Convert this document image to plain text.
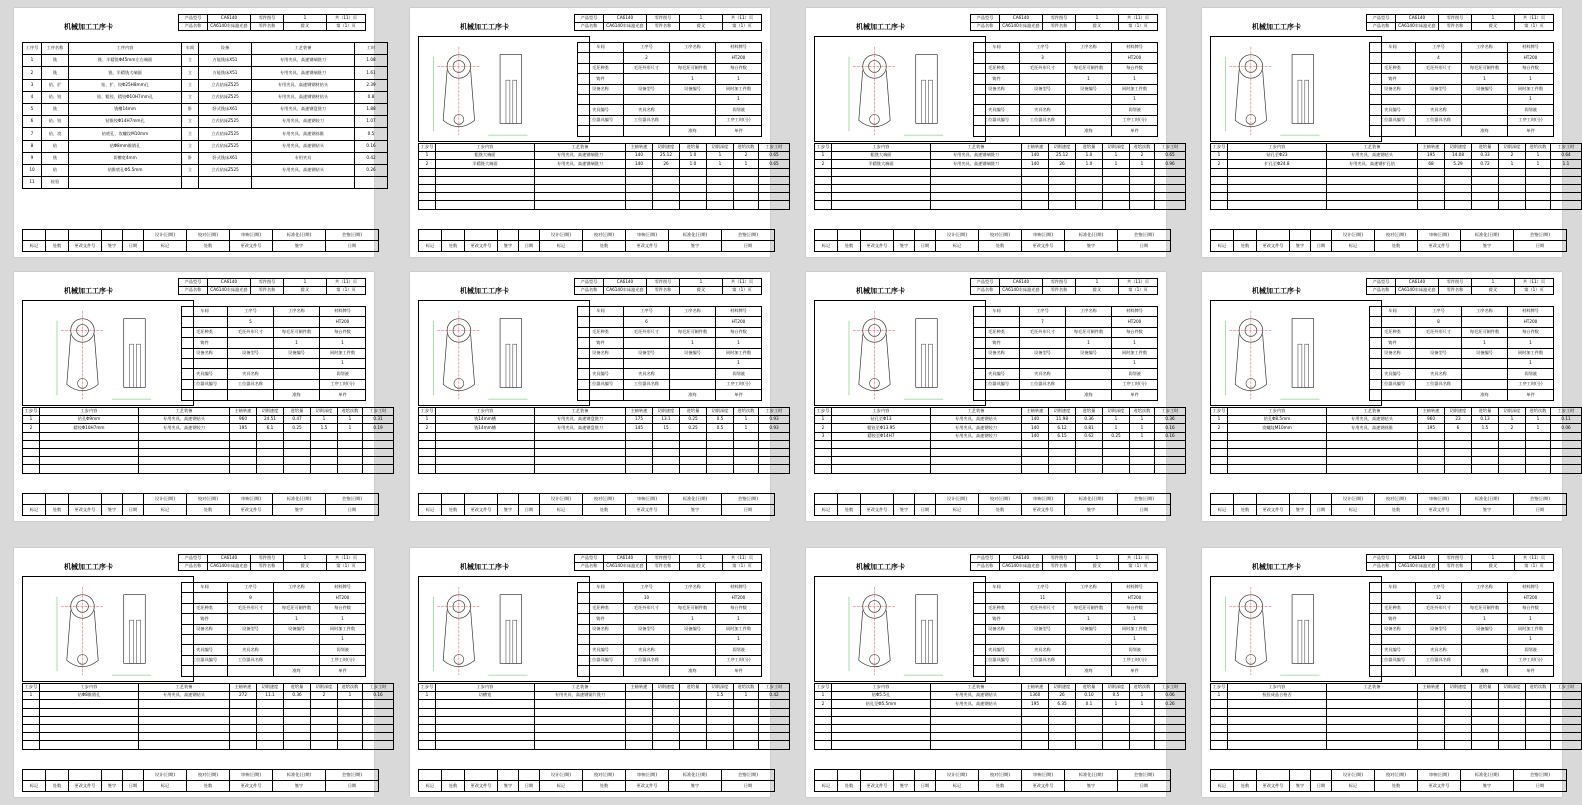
机械加工工序卡
产品型号	CA6140	零件图号	1	共（11）页
产品名称	CA6140车床滤光套	零件名称	拨叉	第（1）页
工序号	工序名称	工序内容	车间	设备	工艺装备	工时
1	铣	铣、半精铣Φ45mm左右端面	立	万能铣床X51	专用夹具、高速钢端铣刀	1.08
2	铣	铣、半精铣大端面	立	万能铣床X51	专用夹具、高速钢端铣刀	1.61
3	钻、扩	钻、扩、铰Φ25H8mm孔	立	立式钻床Z525	专用夹具、高速钢钢材钻头	2.39
4	钻、铰	钻、粗铰、精铰Φ10H7mm孔	立	立式钻床Z525	专用夹具、高速钢钢材钻头	0.8
5	铣	铣槽14mm	卧	卧式铣床X61	专用夹具、高速钢盘铣刀	1.88
6	钻、铰	钻锥铰Φ14H7mm孔	立	立式钻床Z525	专用夹具、高速钢铰刀	1.07
7	钻、攻	钻底孔、攻螺纹M10mm	立	立式钻床Z525	专用夹具、高速钢丝锥	0.5
8	钻	钻Φ8mm锥销孔	立	立式钻床Z525	专用夹具、高速钢钻头	0.16
9	铣	切槽宽4mm	卧	卧式铣床X61	专用夹具	0.42
10	钻	钻锥底孔Φ5.5mm	立	立式钻床Z525	专用夹具、高速钢钻头	0.26
11	检验					
					设计(日期)	校对(日期)	审核(日期)	标准化(日期)	会签(日期)	
标记	处数	更改文件号	签字	日期	标记	处数	更改文件号	签字	日期			
机械加工工序卡
产品型号	CA6140	零件图号	1	共（11）页
产品名称	CA6140车床滤光套	零件名称	拨叉	第（1）页
车间	工序号	工序名称	材料牌号
	2		HT200
毛坯种类	毛坯外形尺寸	每毛坯可制件数	每台件数
铸件		1	1
设备名称	设备型号	设备编号	同时加工件数
			1
夹具编号	夹具名称		切削液
工位器具编号	工位器具名称		工序工时(分)
		准终	单件
工步号	工步内容	工艺装备	主轴转速	切削速度	进给量	切削深度	进给次数	工步工时
1	粗铣大端面	专用夹具、高速钢端铣刀	140	25.12	1.0	1	2	0.65
2	半精铣大端面	专用夹具、高速钢端铣刀	140	26	1.0	1	1	0.65

					设计(日期)	校对(日期)	审核(日期)	标准化(日期)	会签(日期)	
标记	处数	更改文件号	签字	日期	标记	处数	更改文件号	签字	日期			
机械加工工序卡
产品型号	CA6140	零件图号	1	共（11）页
产品名称	CA6140车床滤光套	零件名称	拨叉	第（1）页
车间	工序号	工序名称	材料牌号
	3		HT200
毛坯种类	毛坯外形尺寸	每毛坯可制件数	每台件数
铸件		1	1
设备名称	设备型号	设备编号	同时加工件数
			1
夹具编号	夹具名称		切削液
工位器具编号	工位器具名称		工序工时(分)
		准终	单件
工步号	工步内容	工艺装备	主轴转速	切削速度	进给量	切削深度	进给次数	工步工时
1	粗铣大端面	专用夹具、高速钢端铣刀	140	25.12	1.0	1	2	0.65
2	半精铣大端面	专用夹具、高速钢端铣刀	140	26	1.0	1	1	0.96

					设计(日期)	校对(日期)	审核(日期)	标准化(日期)	会签(日期)	
标记	处数	更改文件号	签字	日期	标记	处数	更改文件号	签字	日期			
机械加工工序卡
产品型号	CA6140	零件图号	1	共（11）页
产品名称	CA6140车床滤光套	零件名称	拨叉	第（1）页
车间	工序号	工序名称	材料牌号
	4		HT200
毛坯种类	毛坯外形尺寸	每毛坯可制件数	每台件数
铸件		1	1
设备名称	设备型号	设备编号	同时加工件数
			1
夹具编号	夹具名称		切削液
工位器具编号	工位器具名称		工序工时(分)
		准终	单件
工步号	工步内容	工艺装备	主轴转速	切削速度	进给量	切削深度	进给次数	工步工时
1	钻孔至Φ23	专用夹具、高速钢钻头	195	14.08	0.33	2	1	0.64
2	扩孔至Φ24.8	专用夹具、高速钢扩孔钻	68	5.29	0.72	1	1	1.1

					设计(日期)	校对(日期)	审核(日期)	标准化(日期)	会签(日期)	
标记	处数	更改文件号	签字	日期	标记	处数	更改文件号	签字	日期			
机械加工工序卡
产品型号	CA6140	零件图号	1	共（11）页
产品名称	CA6140车床滤光套	零件名称	拨叉	第（1）页
车间	工序号	工序名称	材料牌号
	5		HT200
毛坯种类	毛坯外形尺寸	每毛坯可制件数	每台件数
铸件		1	1
设备名称	设备型号	设备编号	同时加工件数
			1
夹具编号	夹具名称		切削液
工位器具编号	工位器具名称		工序工时(分)
		准终	单件
工步号	工步内容	工艺装备	主轴转速	切削速度	进给量	切削深度	进给次数	工步工时
1	钻孔Φ9mm	专用夹具、高速钢钻头	960	24.51	0.47	1	1	0.31
2	精铰Φ10H7mm	专用夹具、高速钢铰刀	195	6.1	0.25	1.5	1	0.19

					设计(日期)	校对(日期)	审核(日期)	标准化(日期)	会签(日期)	
标记	处数	更改文件号	签字	日期	标记	处数	更改文件号	签字	日期			
机械加工工序卡
产品型号	CA6140	零件图号	1	共（11）页
产品名称	CA6140车床滤光套	零件名称	拨叉	第（1）页
车间	工序号	工序名称	材料牌号
	6		HT200
毛坯种类	毛坯外形尺寸	每毛坯可制件数	每台件数
铸件		1	1
设备名称	设备型号	设备编号	同时加工件数
			1
夹具编号	夹具名称		切削液
工位器具编号	工位器具名称		工序工时(分)
		准终	单件
工步号	工步内容	工艺装备	主轴转速	切削速度	进给量	切削深度	进给次数	工步工时
1	铣14mm槽	专用夹具、高速钢盘铣刀	175	13.1	0.25	0.5	1	0.93
2	铣14mm槽	专用夹具、高速钢盘铣刀	145	15	0.25	0.5	1	0.93

					设计(日期)	校对(日期)	审核(日期)	标准化(日期)	会签(日期)	
标记	处数	更改文件号	签字	日期	标记	处数	更改文件号	签字	日期			
机械加工工序卡
产品型号	CA6140	零件图号	1	共（11）页
产品名称	CA6140车床滤光套	零件名称	拨叉	第（1）页
车间	工序号	工序名称	材料牌号
	7		HT200
毛坯种类	毛坯外形尺寸	每毛坯可制件数	每台件数
铸件		1	1
设备名称	设备型号	设备编号	同时加工件数
			1
夹具编号	夹具名称		切削液
工位器具编号	工位器具名称		工序工时(分)
		准终	单件
工步号	工步内容	工艺装备	主轴转速	切削速度	进给量	切削深度	进给次数	工步工时
1	钻孔至Φ13	专用夹具、高速钢钻头	140	11.98	0.36	1	1	0.36
2	粗铰至Φ13.95	专用夹具、高速钢铰刀	140	6.12	0.81	1	1	0.16
3	精铰至Φ14H7	专用夹具、高速钢铰刀	140	6.15	0.62	0.25	1	0.16

					设计(日期)	校对(日期)	审核(日期)	标准化(日期)	会签(日期)	
标记	处数	更改文件号	签字	日期	标记	处数	更改文件号	签字	日期			
机械加工工序卡
产品型号	CA6140	零件图号	1	共（11）页
产品名称	CA6140车床滤光套	零件名称	拨叉	第（1）页
车间	工序号	工序名称	材料牌号
	8		HT200
毛坯种类	毛坯外形尺寸	每毛坯可制件数	每台件数
铸件		1	1
设备名称	设备型号	设备编号	同时加工件数
			1
夹具编号	夹具名称		切削液
工位器具编号	工位器具名称		工序工时(分)
		准终	单件
工步号	工步内容	工艺装备	主轴转速	切削速度	进给量	切削深度	进给次数	工步工时
1	钻孔Φ8.5mm	专用夹具、高速钢钻头	960	23	0.13	1	1	0.11
2	攻螺纹M10mm	专用夹具、高速钢丝锥	195	6	1.5	2	1	0.06

					设计(日期)	校对(日期)	审核(日期)	标准化(日期)	会签(日期)	
标记	处数	更改文件号	签字	日期	标记	处数	更改文件号	签字	日期			
机械加工工序卡
产品型号	CA6140	零件图号	1	共（11）页
产品名称	CA6140车床滤光套	零件名称	拨叉	第（1）页
车间	工序号	工序名称	材料牌号
	9		HT200
毛坯种类	毛坯外形尺寸	每毛坯可制件数	每台件数
铸件		1	1
设备名称	设备型号	设备编号	同时加工件数
			1
夹具编号	夹具名称		切削液
工位器具编号	工位器具名称		工序工时(分)
		准终	单件
工步号	工步内容	工艺装备	主轴转速	切削速度	进给量	切削深度	进给次数	工步工时
1	钻Φ8锥销孔	专用夹具、高速钢钻头	272	11.1	0.36	2	1	0.16

					设计(日期)	校对(日期)	审核(日期)	标准化(日期)	会签(日期)	
标记	处数	更改文件号	签字	日期	标记	处数	更改文件号	签字	日期			
机械加工工序卡
产品型号	CA6140	零件图号	1	共（11）页
产品名称	CA6140车床滤光套	零件名称	拨叉	第（1）页
车间	工序号	工序名称	材料牌号
	10		HT200
毛坯种类	毛坯外形尺寸	每毛坯可制件数	每台件数
铸件		1	1
设备名称	设备型号	设备编号	同时加工件数
			1
夹具编号	夹具名称		切削液
工位器具编号	工位器具名称		工序工时(分)
		准终	单件
工步号	工步内容	工艺装备	主轴转速	切削速度	进给量	切削深度	进给次数	工步工时
1	切槽宽	专用夹具、高速钢锯片铣刀				1.5	1	0.42

					设计(日期)	校对(日期)	审核(日期)	标准化(日期)	会签(日期)	
标记	处数	更改文件号	签字	日期	标记	处数	更改文件号	签字	日期			
机械加工工序卡
产品型号	CA6140	零件图号	1	共（11）页
产品名称	CA6140车床滤光套	零件名称	拨叉	第（1）页
车间	工序号	工序名称	材料牌号
	11		HT200
毛坯种类	毛坯外形尺寸	每毛坯可制件数	每台件数
铸件		1	1
设备名称	设备型号	设备编号	同时加工件数
			1
夹具编号	夹具名称		切削液
工位器具编号	工位器具名称		工序工时(分)
		准终	单件
工步号	工步内容	工艺装备	主轴转速	切削速度	进给量	切削深度	进给次数	工步工时
1	钻Φ5.5孔	专用夹具、高速钢钻头	1360	26	0.10	0.5	1	0.06
2	钻孔至Φ5.5mm	专用夹具、高速钢钻头	195	6.35	0.1	1	1	0.26

					设计(日期)	校对(日期)	审核(日期)	标准化(日期)	会签(日期)	
标记	处数	更改文件号	签字	日期	标记	处数	更改文件号	签字	日期			
机械加工工序卡
产品型号	CA6140	零件图号	1	共（11）页
产品名称	CA6140车床滤光套	零件名称	拨叉	第（1）页
车间	工序号	工序名称	材料牌号
	12		HT200
毛坯种类	毛坯外形尺寸	每毛坯可制件数	每台件数
铸件		1	1
设备名称	设备型号	设备编号	同时加工件数
			1
夹具编号	夹具名称		切削液
工位器具编号	工位器具名称		工序工时(分)
		准终	单件
工步号	工步内容	工艺装备	主轴转速	切削速度	进给量	切削深度	进给次数	工步工时
1	检验成品合格否							

					设计(日期)	校对(日期)	审核(日期)	标准化(日期)	会签(日期)	
标记	处数	更改文件号	签字	日期	标记	处数	更改文件号	签字	日期			
